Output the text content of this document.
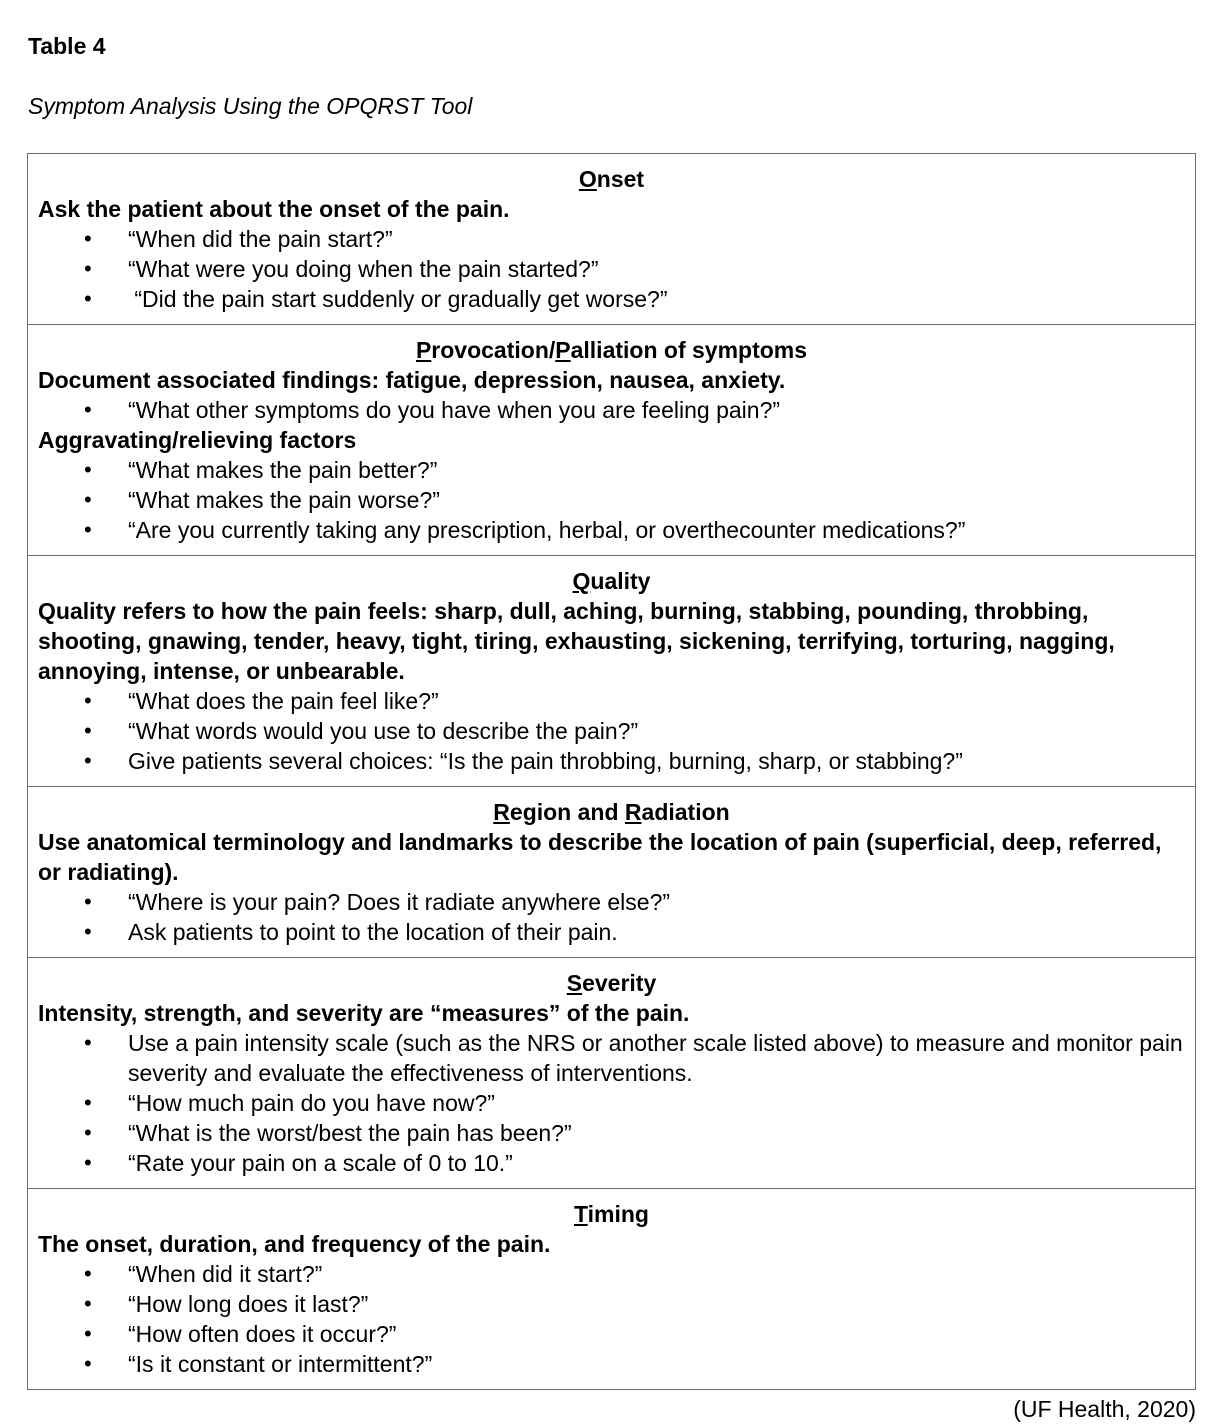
Table 4

Symptom Analysis Using the OPQRST Tool

Onset

Ask the patient about the onset of the pain.

•	“When did the pain start?”
•	“What were you doing when the pain started?”
•	“Did the pain start suddenly or gradually get worse?”

Provocation/Palliation of symptoms

Document associated findings: fatigue, depression, nausea, anxiety.

•	“What other symptoms do you have when you are feeling pain?”

Aggravating/relieving factors

•	“What makes the pain better?”
•	“What makes the pain worse?”
•	“Are you currently taking any prescription, herbal, or overthecounter medications?”

Quality

Quality refers to how the pain feels: sharp, dull, aching, burning, stabbing, pounding, throbbing, shooting, gnawing, tender, heavy, tight, tiring, exhausting, sickening, terrifying, torturing, nagging, annoying, intense, or unbearable.

•	“What does the pain feel like?”
•	“What words would you use to describe the pain?”
•	Give patients several choices: “Is the pain throbbing, burning, sharp, or stabbing?”

Region and Radiation

Use anatomical terminology and landmarks to describe the location of pain (superficial, deep, referred, or radiating).

•	“Where is your pain? Does it radiate anywhere else?”
•	Ask patients to point to the location of their pain.

Severity

Intensity, strength, and severity are “measures” of the pain.

•	Use a pain intensity scale (such as the NRS or another scale listed above) to measure and monitor pain severity and evaluate the effectiveness of interventions.
•	“How much pain do you have now?”
•	“What is the worst/best the pain has been?”
•	“Rate your pain on a scale of 0 to 10.”

Timing

The onset, duration, and frequency of the pain.

•	“When did it start?”
•	“How long does it last?”
•	“How often does it occur?”
•	“Is it constant or intermittent?”

(UF Health, 2020)
